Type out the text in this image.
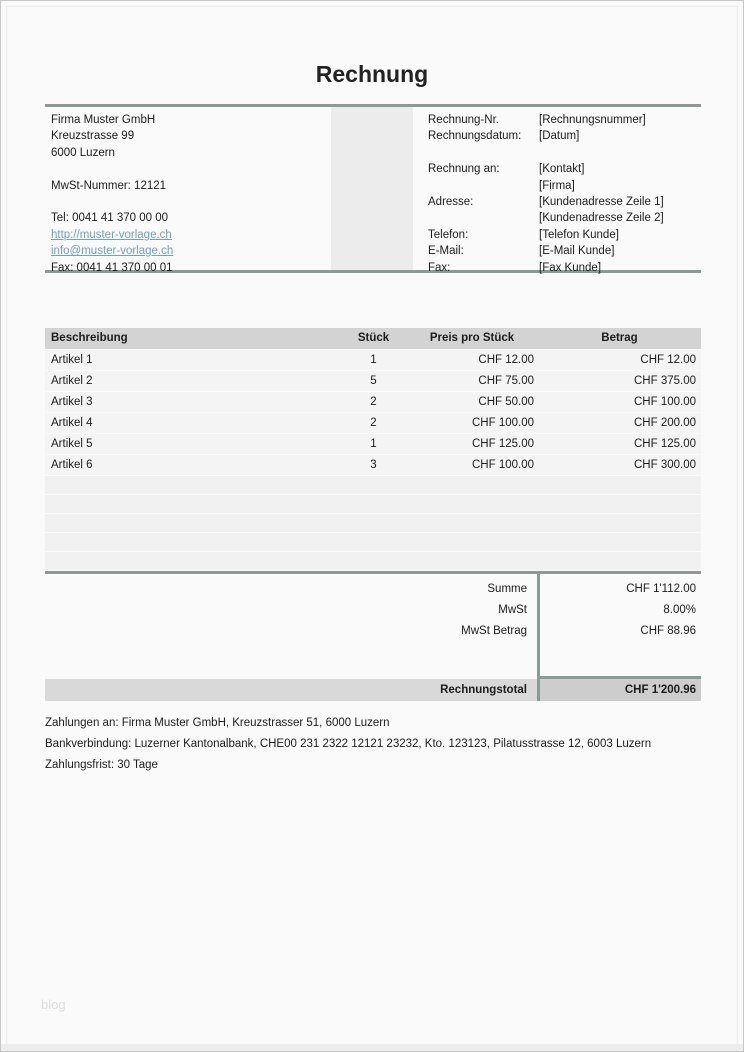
Rechnung
Firma Muster GmbH
Kreuzstrasse 99
6000 Luzern
MwSt-Nummer: 12121
Tel: 0041 41 370 00 00
http://muster-vorlage.ch
info@muster-vorlage.ch
Fax: 0041 41 370 00 01
Rechnung-Nr.	[Rechnungsnummer]
Rechnungsdatum: [Datum]
Rechnung an:	[Kontakt]
[Firma]
Adresse:	[Kundenadresse Zeile 1]
[Kundenadresse Zeile 2]
Telefon:	[Telefon Kunde]
E-Mail:	[E-Mail Kunde]
Fax:	[Fax Kunde]
Beschreibung	Stück	Preis pro Stück	Betrag
Artikel 1	1	CHF 12.00	CHF 12.00
Artikel 2	5	CHF 75.00	CHF 375.00
Artikel 3	2	CHF 50.00	CHF 100.00
Artikel 4	2	CHF 100.00	CHF 200.00
Artikel 5	1	CHF 125.00	CHF 125.00
Artikel 6	3	CHF 100.00	CHF 300.00
Summe	CHF 1'112.00
MwSt	8.00%
MwSt Betrag	CHF 88.96
Rechnungstotal	CHF 1'200.96
Zahlungen an: Firma Muster GmbH, Kreuzstrasser 51, 6000 Luzern
Bankverbindung: Luzerner Kantonalbank, CHE00 231 2322 12121 23232, Kto. 123123, Pilatusstrasse 12, 6003 Luzern
Zahlungsfrist: 30 Tage
blog
